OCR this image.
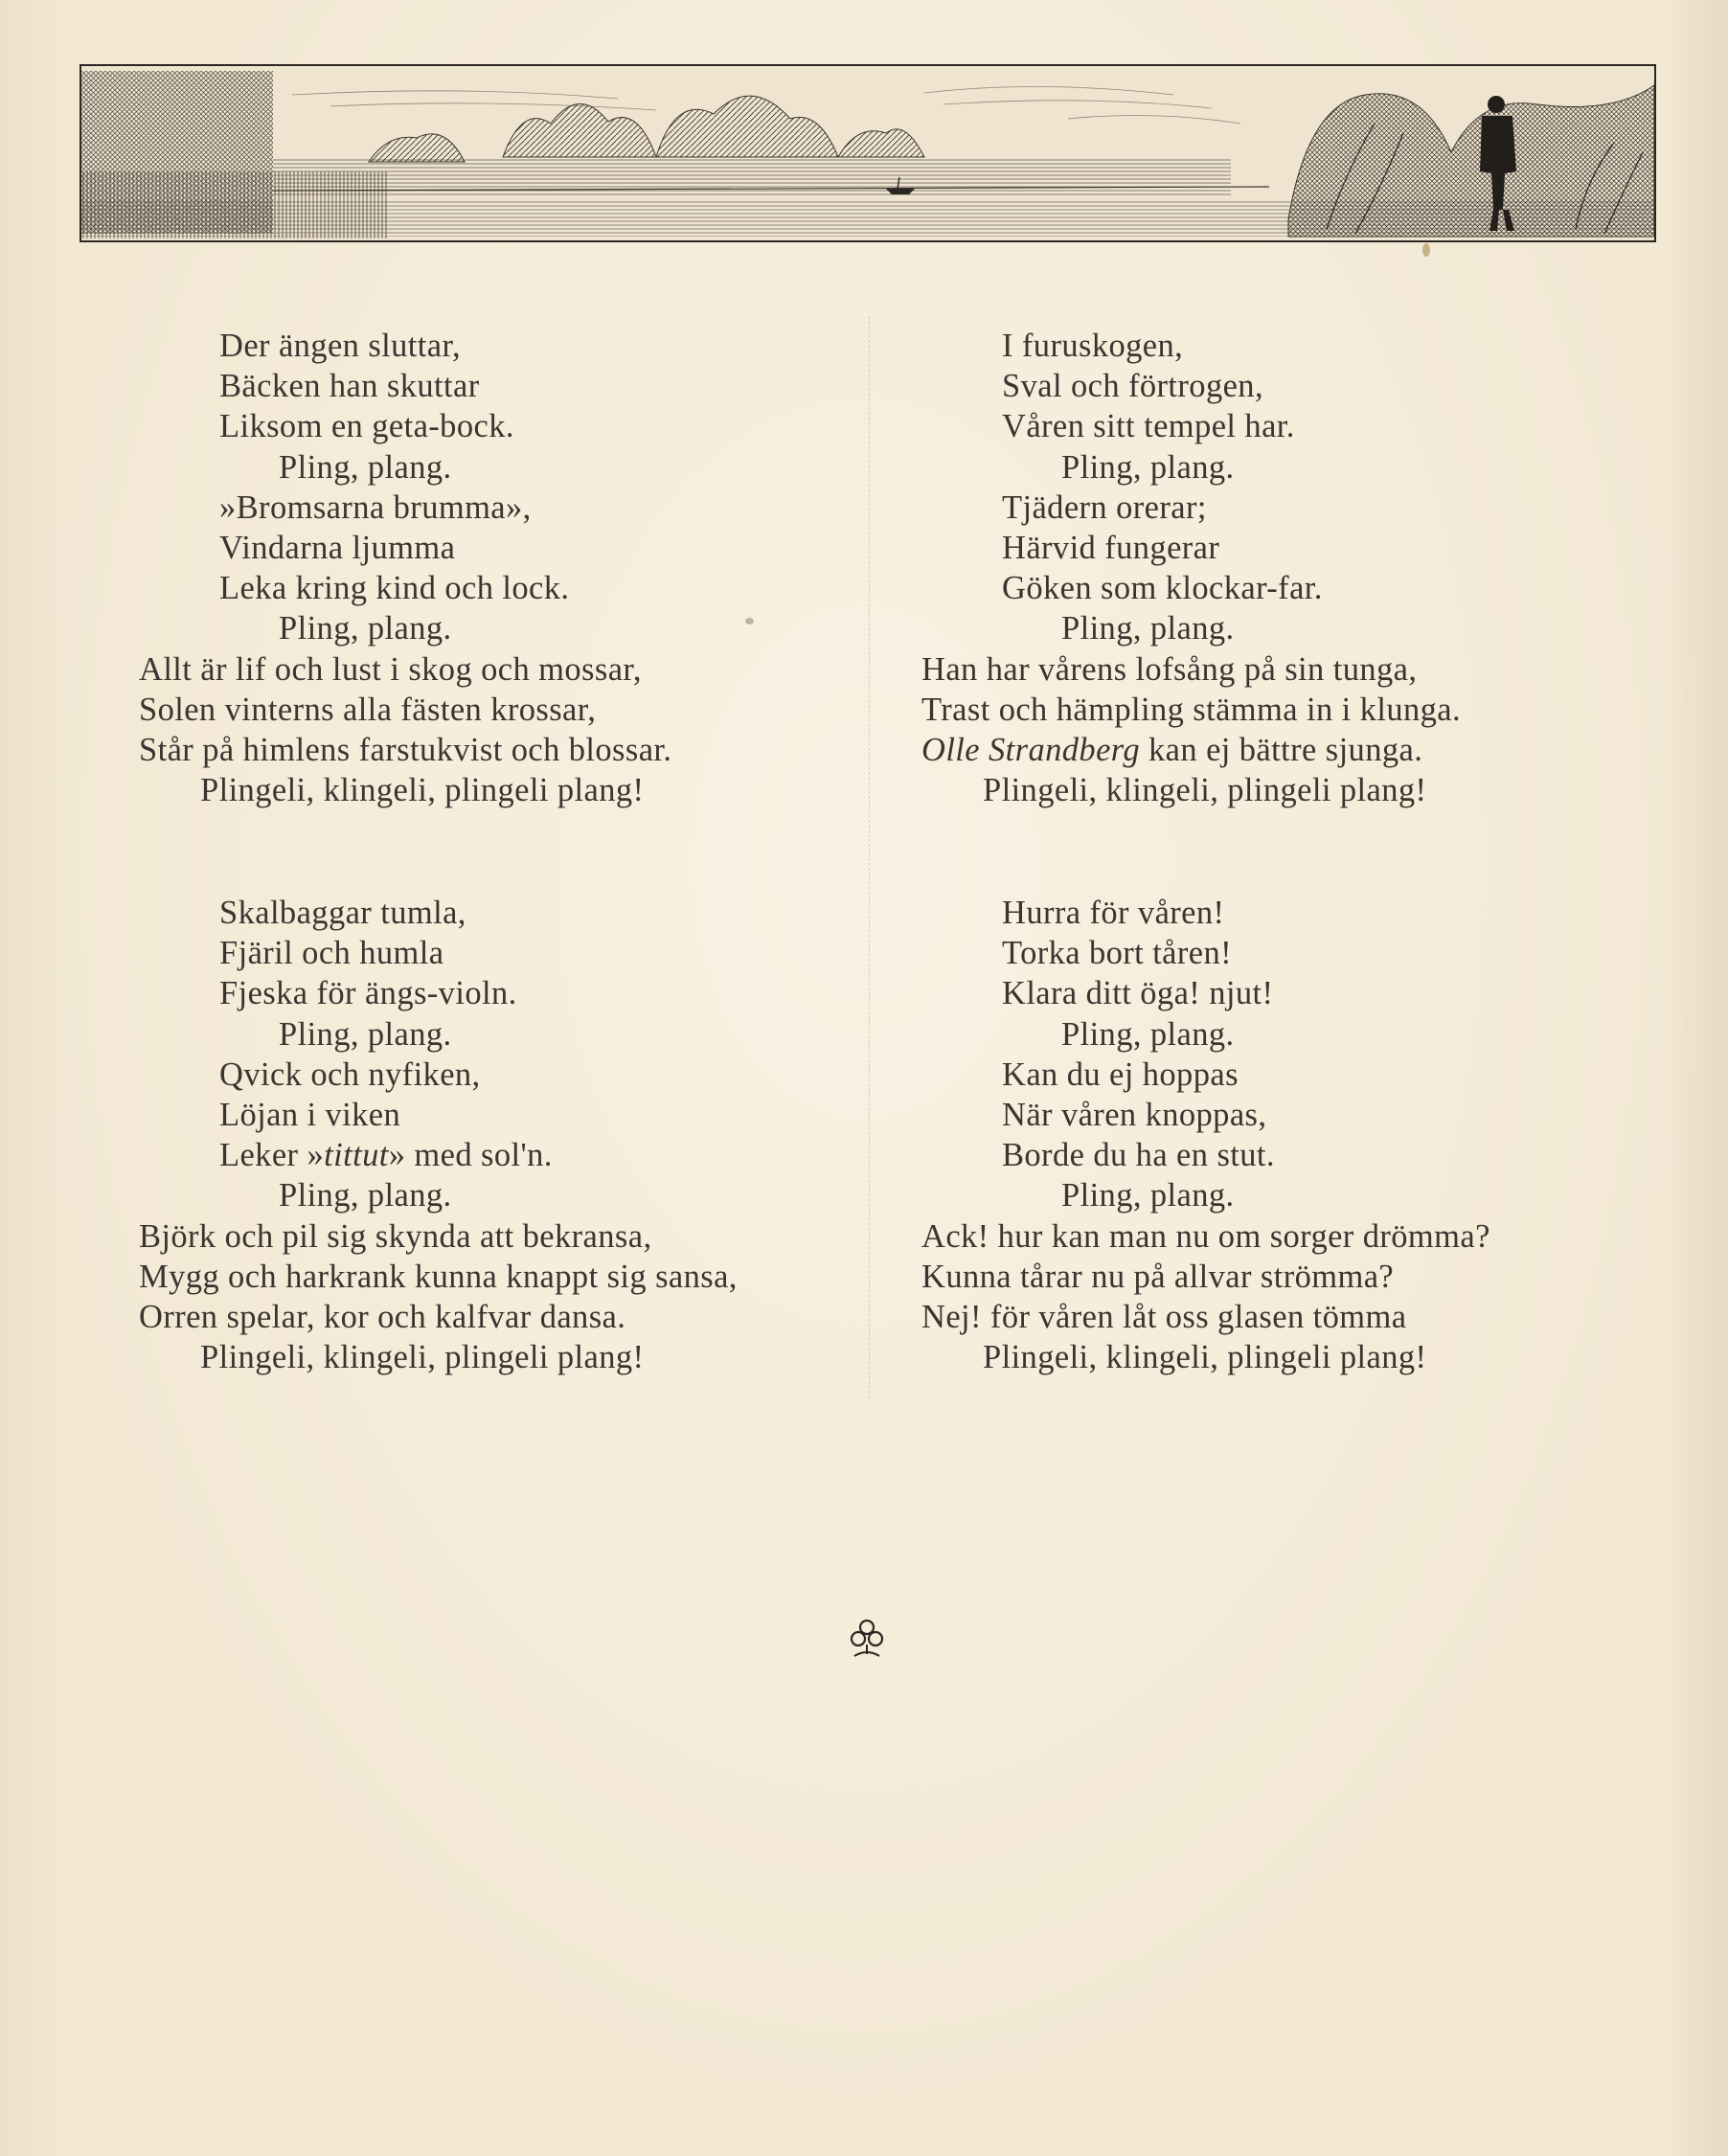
Der ängen sluttar,
Bäcken han skuttar
Liksom en geta-bock.
Pling, plang.
»Bromsarna brumma»,
Vindarna ljumma
Leka kring kind och lock.
Pling, plang.
Allt är lif och lust i skog och mossar,
Solen vinterns alla fästen krossar,
Står på himlens farstukvist och blossar.
Plingeli, klingeli, plingeli plang!
I furuskogen,
Sval och förtrogen,
Våren sitt tempel har.
Pling, plang.
Tjädern orerar;
Härvid fungerar
Göken som klockar-far.
Pling, plang.
Han har vårens lofsång på sin tunga,
Trast och hämpling stämma in i klunga.
Olle Strandberg kan ej bättre sjunga.
Plingeli, klingeli, plingeli plang!
Skalbaggar tumla,
Fjäril och humla
Fjeska för ängs-violn.
Pling, plang.
Qvick och nyfiken,
Löjan i viken
Leker »tittut» med sol'n.
Pling, plang.
Björk och pil sig skynda att bekransa,
Mygg och harkrank kunna knappt sig sansa,
Orren spelar, kor och kalfvar dansa.
Plingeli, klingeli, plingeli plang!
Hurra för våren!
Torka bort tåren!
Klara ditt öga! njut!
Pling, plang.
Kan du ej hoppas
När våren knoppas,
Borde du ha en stut.
Pling, plang.
Ack! hur kan man nu om sorger drömma?
Kunna tårar nu på allvar strömma?
Nej! för våren låt oss glasen tömma
Plingeli, klingeli, plingeli plang!
